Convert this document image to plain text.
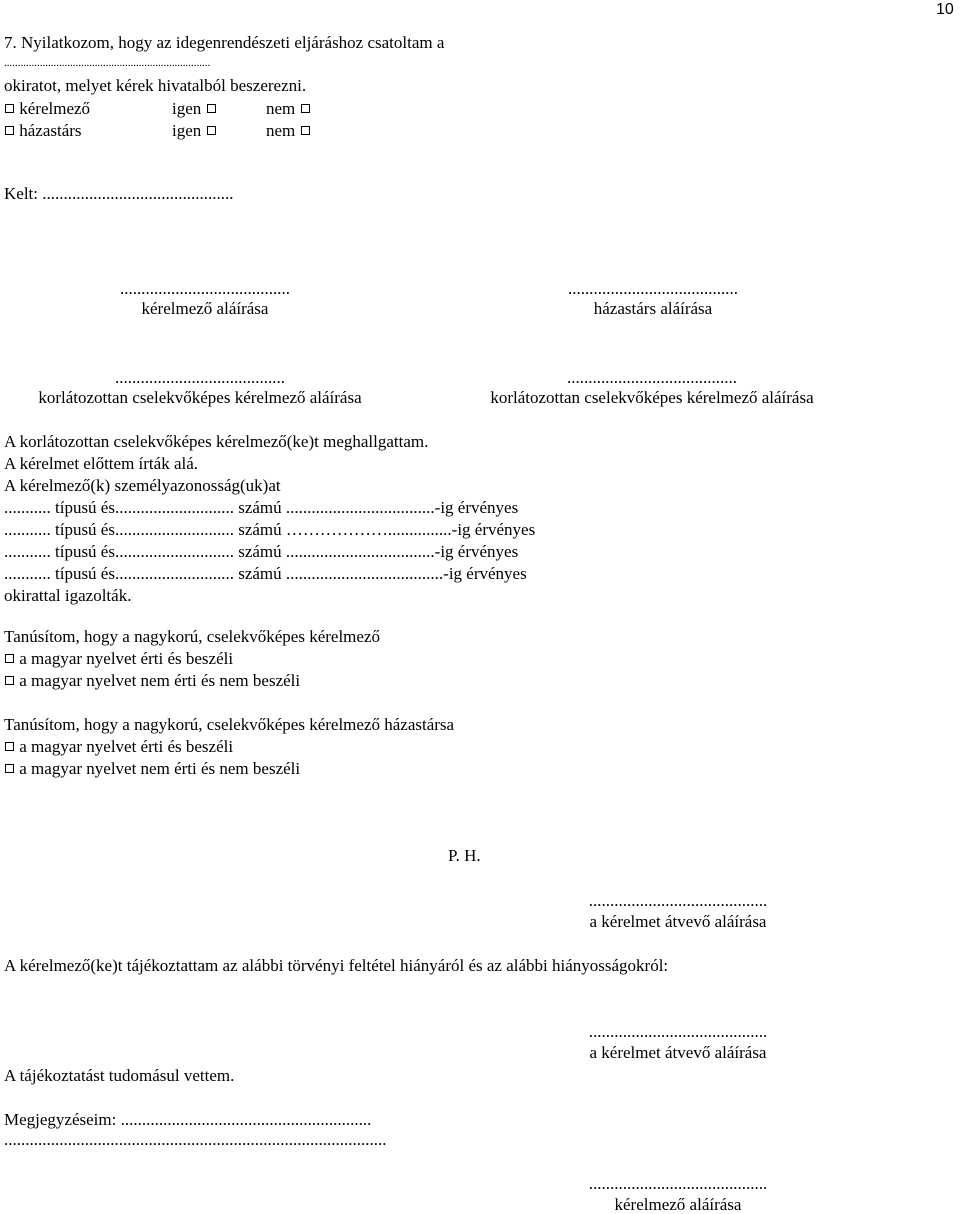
10
7. Nyilatkozom, hogy az idegenrendészeti eljáráshoz csatoltam a
...........................................................................
okiratot, melyet kérek hivatalból beszerezni.
kérelmező	igen	nem
házastárs	igen	nem
Kelt: .............................................
........................................
kérelmező aláírása
........................................
házastárs aláírása
........................................
korlátozottan cselekvőképes kérelmező aláírása
........................................
korlátozottan cselekvőképes kérelmező aláírása
A korlátozottan cselekvőképes kérelmező(ke)t meghallgattam.
A kérelmet előttem írták alá.
A kérelmező(k) személyazonosság(uk)at
........... típusú és............................ számú ...................................-ig érvényes
........... típusú és............................ számú ………………...............-ig érvényes
........... típusú és............................ számú ...................................-ig érvényes
........... típusú és............................ számú .....................................-ig érvényes
okirattal igazolták.
Tanúsítom, hogy a nagykorú, cselekvőképes kérelmező
a magyar nyelvet érti és beszéli
a magyar nyelvet nem érti és nem beszéli
Tanúsítom, hogy a nagykorú, cselekvőképes kérelmező házastársa
a magyar nyelvet érti és beszéli
a magyar nyelvet nem érti és nem beszéli
P. H.
..........................................
a kérelmet átvevő aláírása
A kérelmező(ke)t tájékoztattam az alábbi törvényi feltétel hiányáról és az alábbi hiányosságokról:
..........................................
a kérelmet átvevő aláírása
A tájékoztatást tudomásul vettem.
Megjegyzéseim: ...........................................................
..........................................................................................
..........................................
kérelmező aláírása
